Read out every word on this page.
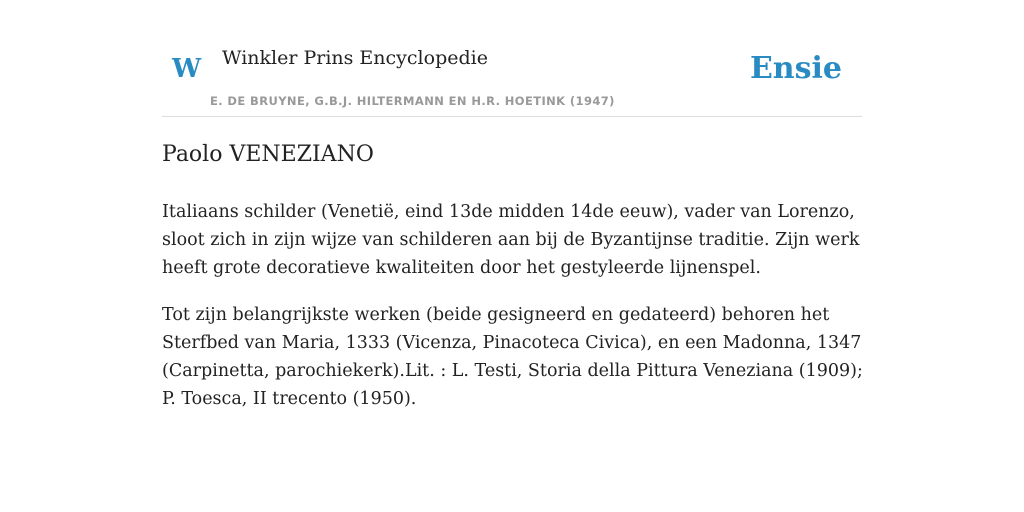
W Winkler Prins Encyclopedie
E. DE BRUYNE, G.B.J. HILTERMANN EN H.R. HOETINK (1947)
Ensie
Paolo VENEZIANO

Italiaans schilder (Venetië, eind 13de midden 14de eeuw), vader van Lorenzo, sloot zich in zijn wijze van schilderen aan bij de Byzantijnse traditie. Zijn werk heeft grote decoratieve kwaliteiten door het gestyleerde lijnenspel.

Tot zijn belangrijkste werken (beide gesigneerd en gedateerd) behoren het Sterfbed van Maria, 1333 (Vicenza, Pinacoteca Civica), en een Madonna, 1347 (Carpinetta, parochiekerk).Lit. : L. Testi, Storia della Pittura Veneziana (1909); P. Toesca, II trecento (1950).
